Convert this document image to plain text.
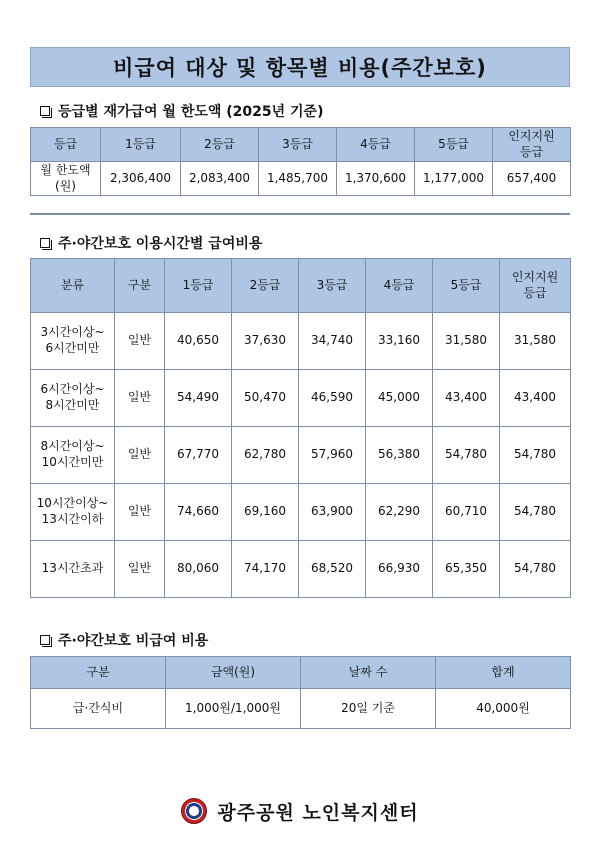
비급여 대상 및 항목별 비용(주간보호)
등급별 재가급여 월 한도액 (2025년 기준)
등급	1등급	2등급	3등급	4등급	5등급	인지지원
등급
월 한도액
(원)	2,306,400	2,083,400	1,485,700	1,370,600	1,177,000	657,400
주·야간보호 이용시간별 급여비용
분류	구분	1등급	2등급	3등급	4등급	5등급	인지지원
등급
3시간이상~
6시간미만	일반	40,650	37,630	34,740	33,160	31,580	31,580
6시간이상~
8시간미만	일반	54,490	50,470	46,590	45,000	43,400	43,400
8시간이상~
10시간미만	일반	67,770	62,780	57,960	56,380	54,780	54,780
10시간이상~
13시간이하	일반	74,660	69,160	63,900	62,290	60,710	54,780
13시간초과	일반	80,060	74,170	68,520	66,930	65,350	54,780
주·야간보호 비급여 비용
구분	금액(원)	날짜 수	합계
급·간식비	1,000원/1,000원	20일 기준	40,000원
광주공원 노인복지센터
